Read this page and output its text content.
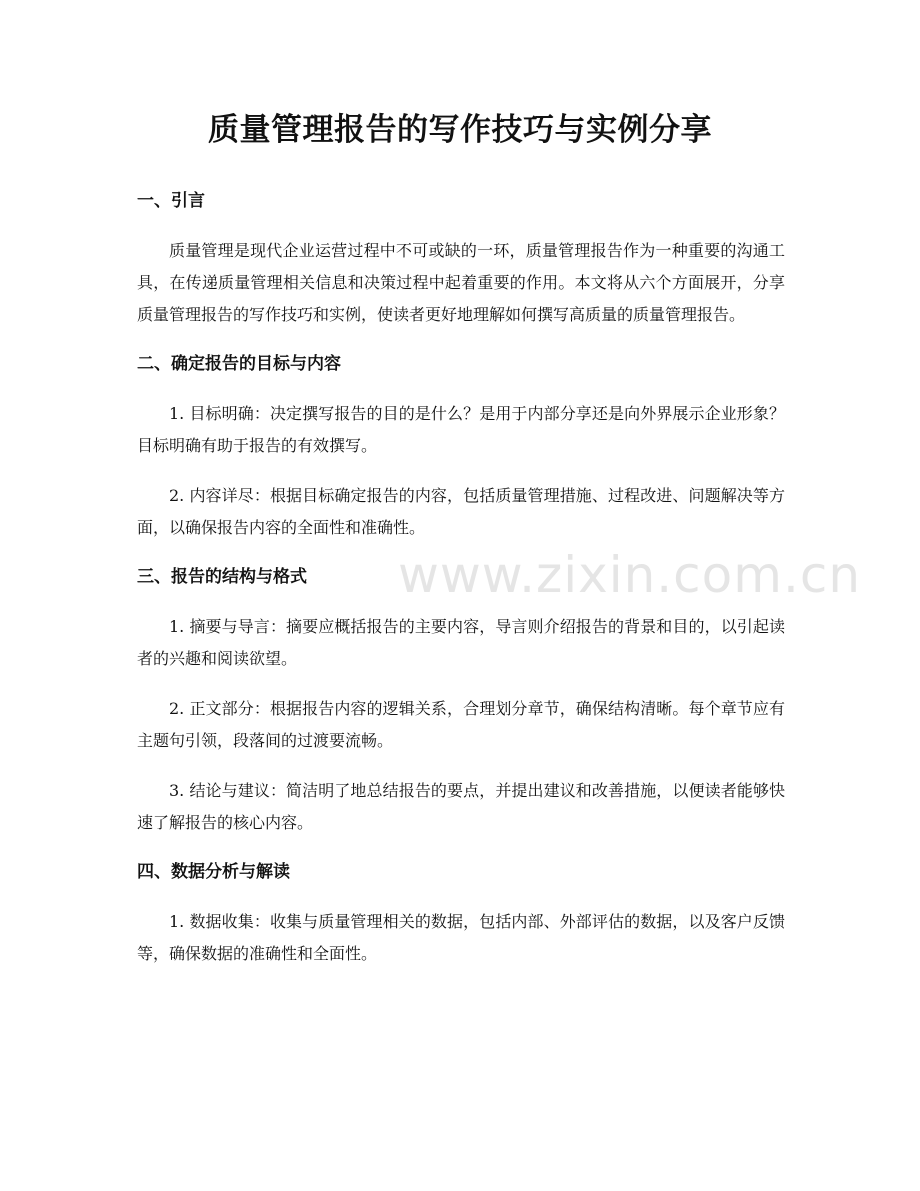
质量管理报告的写作技巧与实例分享
一、引言

质量管理是现代企业运营过程中不可或缺的一环，质量管理报告作为一种重要的沟通工具，在传递质量管理相关信息和决策过程中起着重要的作用。本文将从六个方面展开，分享质量管理报告的写作技巧和实例，使读者更好地理解如何撰写高质量的质量管理报告。

二、确定报告的目标与内容

1. 目标明确：决定撰写报告的目的是什么？是用于内部分享还是向外界展示企业形象？目标明确有助于报告的有效撰写。

2. 内容详尽：根据目标确定报告的内容，包括质量管理措施、过程改进、问题解决等方面，以确保报告内容的全面性和准确性。

三、报告的结构与格式

1. 摘要与导言：摘要应概括报告的主要内容，导言则介绍报告的背景和目的，以引起读者的兴趣和阅读欲望。

2. 正文部分：根据报告内容的逻辑关系，合理划分章节，确保结构清晰。每个章节应有主题句引领，段落间的过渡要流畅。

3. 结论与建议：简洁明了地总结报告的要点，并提出建议和改善措施，以便读者能够快速了解报告的核心内容。

四、数据分析与解读

1. 数据收集：收集与质量管理相关的数据，包括内部、外部评估的数据，以及客户反馈等，确保数据的准确性和全面性。

www.zixin.com.cn
